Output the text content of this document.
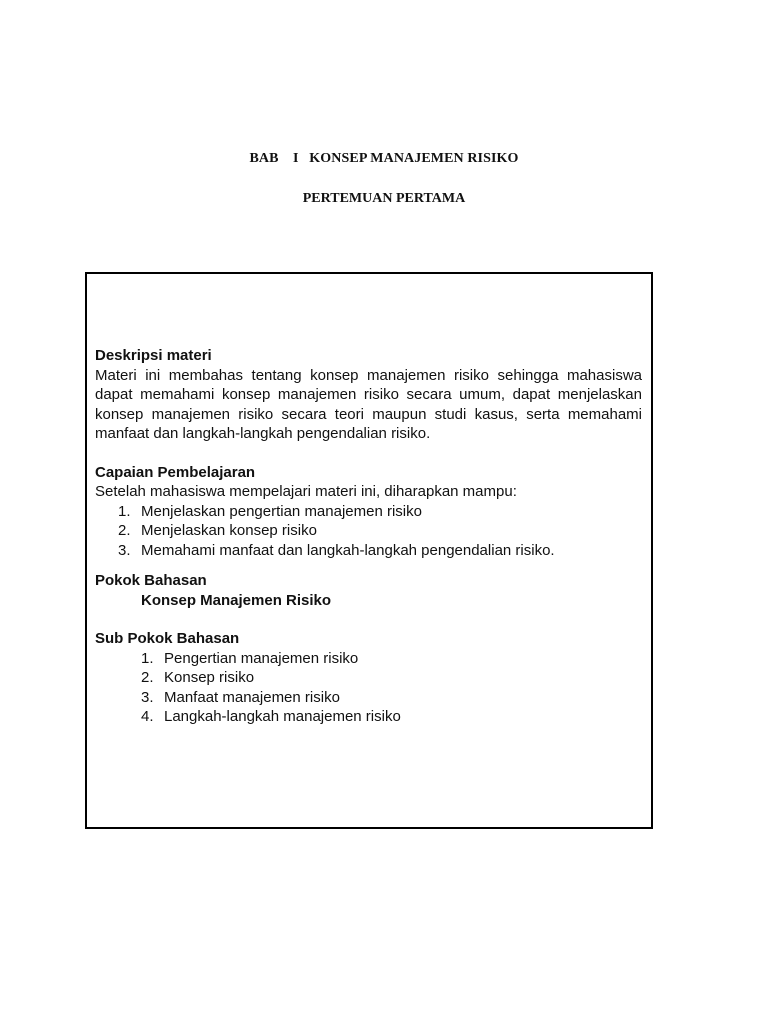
BAB    I   KONSEP MANAJEMEN RISIKO
PERTEMUAN PERTAMA

Deskripsi materi

Materi ini membahas tentang konsep manajemen risiko sehingga mahasiswa dapat memahami konsep manajemen risiko secara umum, dapat menjelaskan konsep manajemen risiko secara teori maupun studi kasus, serta memahami manfaat dan langkah-langkah pengendalian risiko.

Capaian Pembelajaran

Setelah mahasiswa mempelajari materi ini, diharapkan mampu:

1. Menjelaskan pengertian manajemen risiko
2. Menjelaskan konsep risiko
3. Memahami manfaat dan langkah-langkah pengendalian risiko.

Pokok Bahasan

Konsep Manajemen Risiko

Sub Pokok Bahasan

1. Pengertian manajemen risiko
2. Konsep risiko
3. Manfaat manajemen risiko
4. Langkah-langkah manajemen risiko
